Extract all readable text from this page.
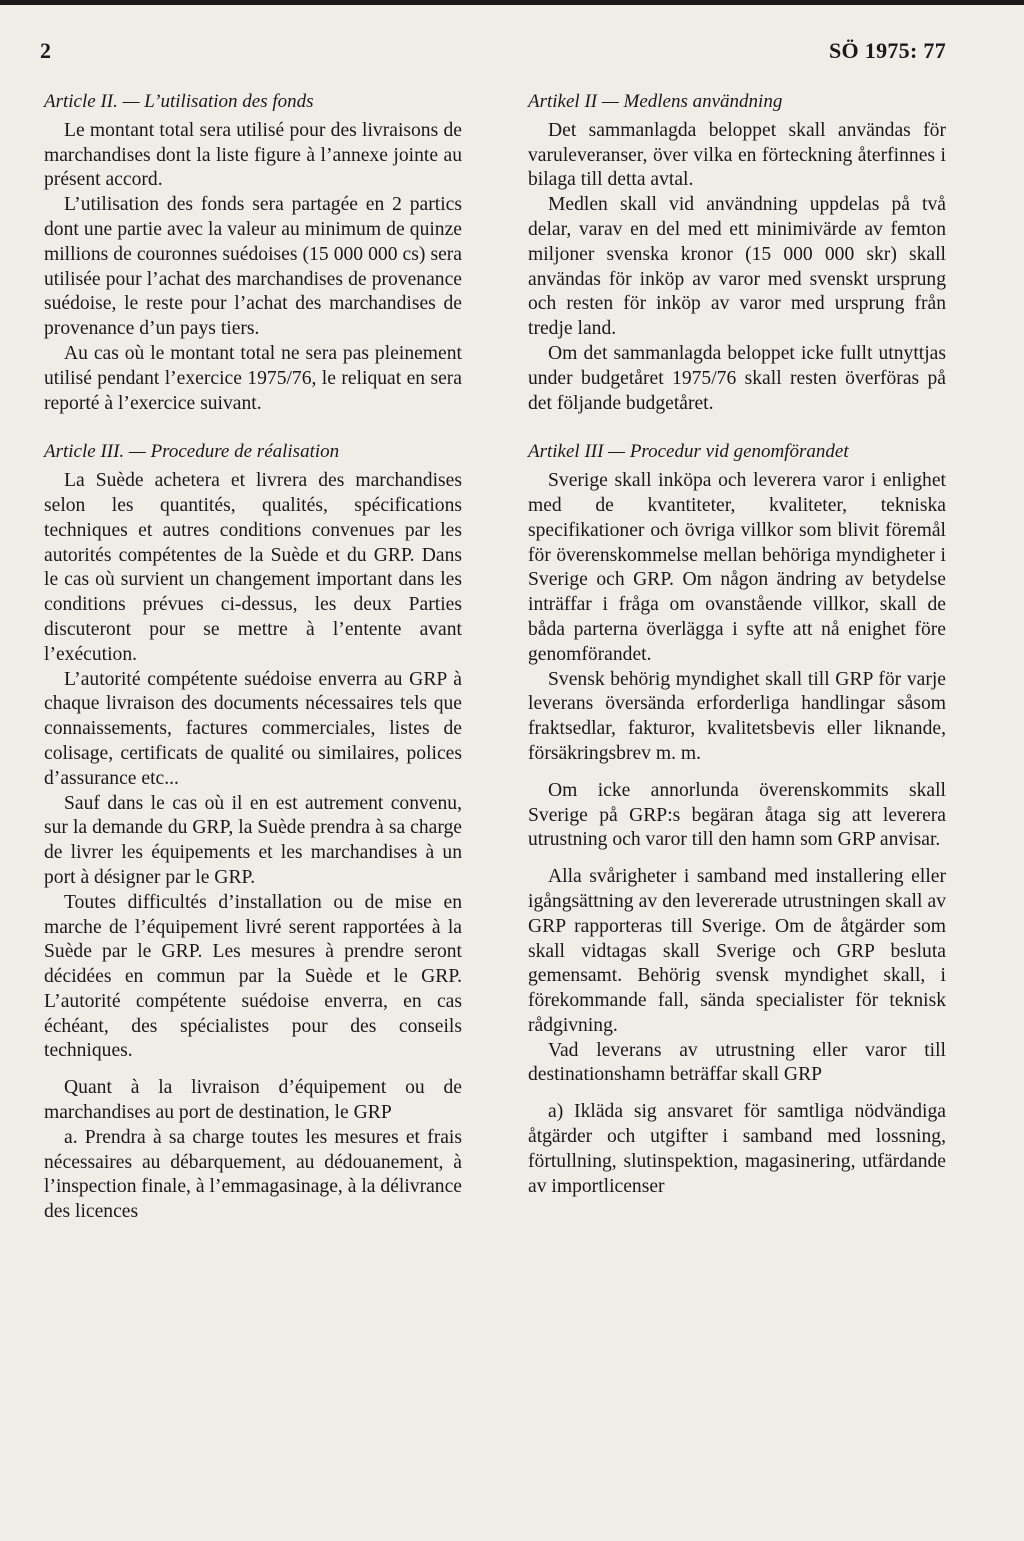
2	SÖ 1975: 77
Article II. — L’utilisation des fonds

Le montant total sera utilisé pour des livraisons de marchandises dont la liste figure à l’annexe jointe au présent accord.

L’utilisation des fonds sera partagée en 2 partics dont une partie avec la valeur au minimum de quinze millions de couronnes suédoises (15 000 000 cs) sera utilisée pour l’achat des marchandises de provenance suédoise, le reste pour l’achat des marchandises de provenance d’un pays tiers.

Au cas où le montant total ne sera pas pleinement utilisé pendant l’exercice 1975/76, le reliquat en sera reporté à l’exercice suivant.

Article III. — Procedure de réalisation

La Suède achetera et livrera des marchandises selon les quantités, qualités, spécifications techniques et autres conditions convenues par les autorités compétentes de la Suède et du GRP. Dans le cas où survient un changement important dans les conditions prévues ci-dessus, les deux Parties discuteront pour se mettre à l’entente avant l’exécution.

L’autorité compétente suédoise enverra au GRP à chaque livraison des documents nécessaires tels que connaissements, factures commerciales, listes de colisage, certificats de qualité ou similaires, polices d’assurance etc...

Sauf dans le cas où il en est autrement convenu, sur la demande du GRP, la Suède prendra à sa charge de livrer les équipements et les marchandises à un port à désigner par le GRP.

Toutes difficultés d’installation ou de mise en marche de l’équipement livré serent rapportées à la Suède par le GRP. Les mesures à prendre seront décidées en commun par la Suède et le GRP. L’autorité compétente suédoise enverra, en cas échéant, des spécialistes pour des conseils techniques.

Quant à la livraison d’équipement ou de marchandises au port de destination, le GRP

a. Prendra à sa charge toutes les mesures et frais nécessaires au débarquement, au dédouanement, à l’inspection finale, à l’emmagasinage, à la délivrance des licences

Artikel II — Medlens användning

Det sammanlagda beloppet skall användas för varuleveranser, över vilka en förteckning återfinnes i bilaga till detta avtal.

Medlen skall vid användning uppdelas på två delar, varav en del med ett minimivärde av femton miljoner svenska kronor (15 000 000 skr) skall användas för inköp av varor med svenskt ursprung och resten för inköp av varor med ursprung från tredje land.

Om det sammanlagda beloppet icke fullt utnyttjas under budgetåret 1975/76 skall resten överföras på det följande budgetåret.

Artikel III — Procedur vid genomförandet

Sverige skall inköpa och leverera varor i enlighet med de kvantiteter, kvaliteter, tekniska specifikationer och övriga villkor som blivit föremål för överenskommelse mellan behöriga myndigheter i Sverige och GRP. Om någon ändring av betydelse inträffar i fråga om ovanstående villkor, skall de båda parterna överlägga i syfte att nå enighet före genomförandet.

Svensk behörig myndighet skall till GRP för varje leverans översända erforderliga handlingar såsom fraktsedlar, fakturor, kvalitetsbevis eller liknande, försäkringsbrev m. m.

Om icke annorlunda överenskommits skall Sverige på GRP:s begäran åtaga sig att leverera utrustning och varor till den hamn som GRP anvisar.

Alla svårigheter i samband med installering eller igångsättning av den levererade utrustningen skall av GRP rapporteras till Sverige. Om de åtgärder som skall vidtagas skall Sverige och GRP besluta gemensamt. Behörig svensk myndighet skall, i förekommande fall, sända specialister för teknisk rådgivning.

Vad leverans av utrustning eller varor till destinationshamn beträffar skall GRP

a) Ikläda sig ansvaret för samtliga nödvändiga åtgärder och utgifter i samband med lossning, förtullning, slutinspektion, magasinering, utfärdande av importlicenser
